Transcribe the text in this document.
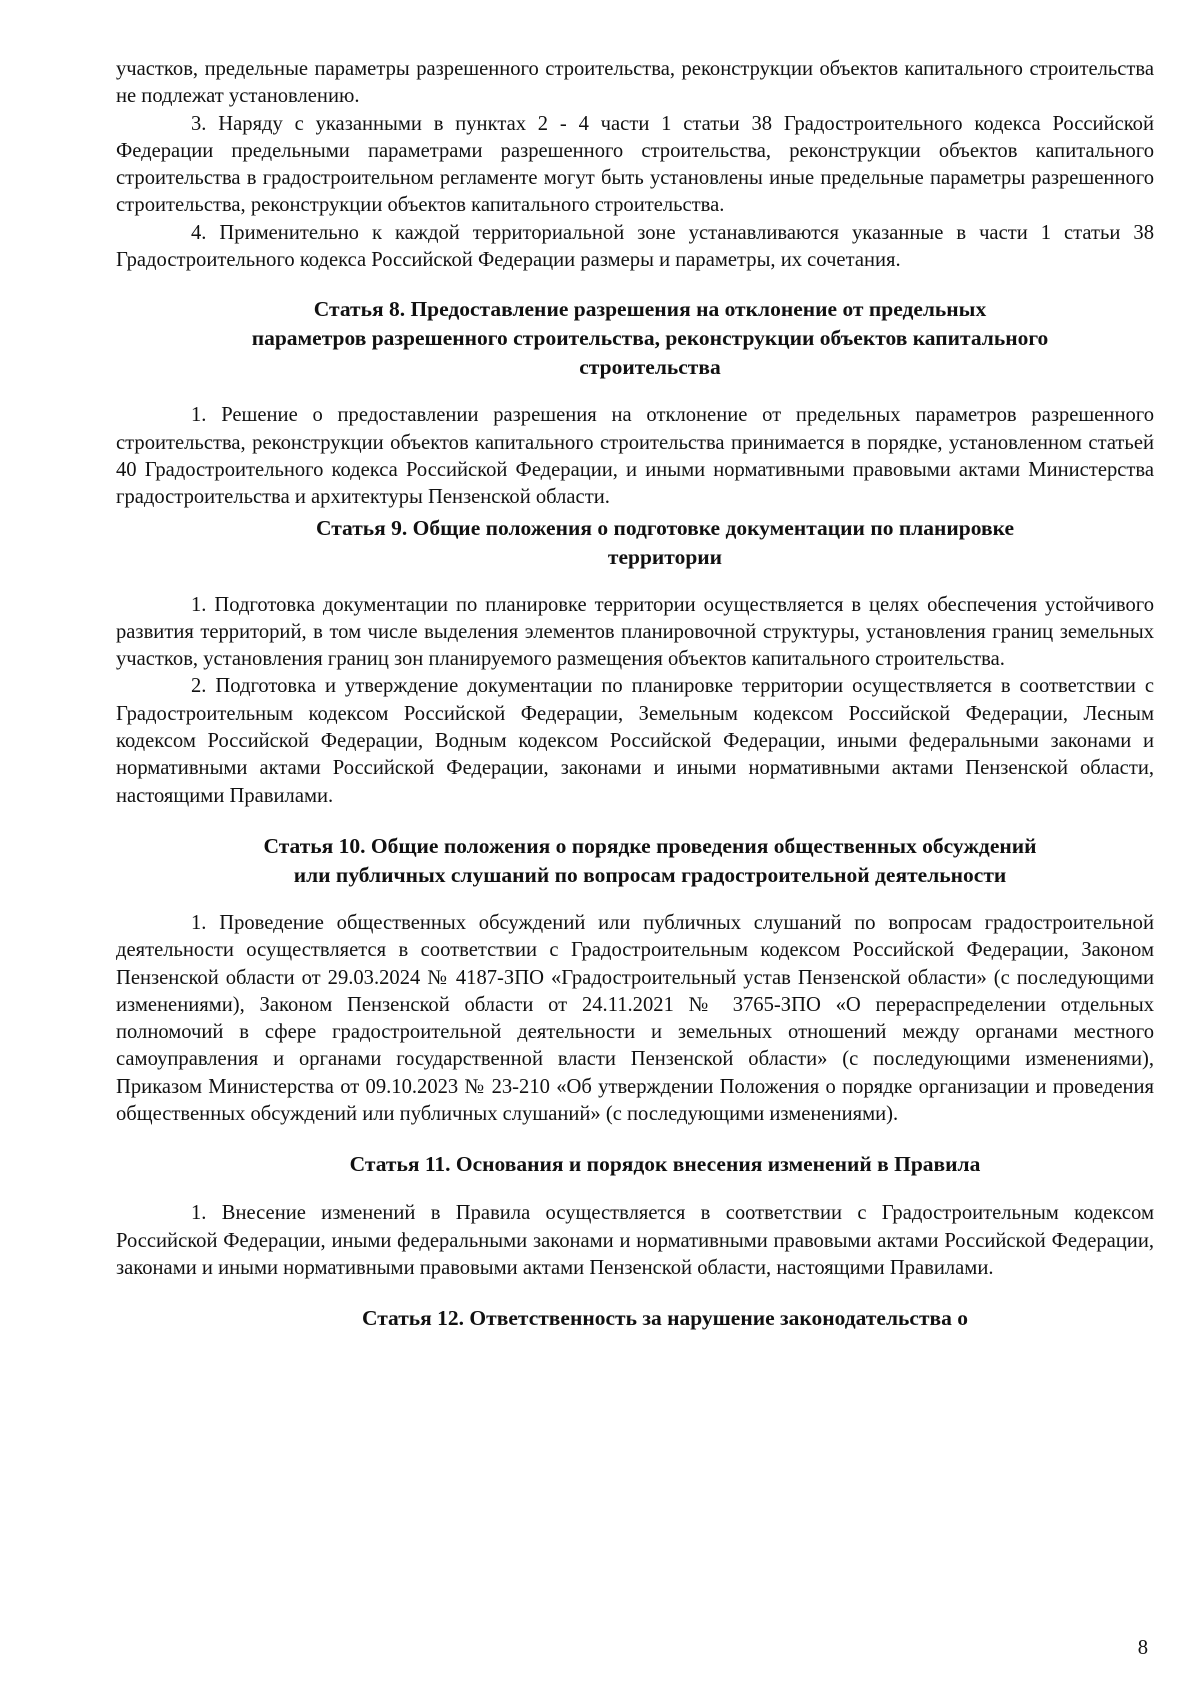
участков, предельные параметры разрешенного строительства, реконструкции объектов капитального строительства не подлежат установлению.

3. Наряду с указанными в пунктах 2 - 4 части 1 статьи 38 Градостроительного кодекса Российской Федерации предельными параметрами разрешенного строительства, реконструкции объектов капитального строительства в градостроительном регламенте могут быть установлены иные предельные параметры разрешенного строительства, реконструкции объектов капитального строительства.

4. Применительно к каждой территориальной зоне устанавливаются указанные в части 1 статьи 38 Градостроительного кодекса Российской Федерации размеры и параметры, их сочетания.

Статья 8. Предоставление разрешения на отклонение от предельных
параметров разрешенного строительства, реконструкции объектов капитального
строительства

1. Решение о предоставлении разрешения на отклонение от предельных параметров разрешенного строительства, реконструкции объектов капитального строительства принимается в порядке, установленном статьей 40 Градостроительного кодекса Российской Федерации, и иными нормативными правовыми актами Министерства градостроительства и архитектуры Пензенской области.

Статья 9. Общие положения о подготовке документации по планировке
территории

1. Подготовка документации по планировке территории осуществляется в целях обеспечения устойчивого развития территорий, в том числе выделения элементов планировочной структуры, установления границ земельных участков, установления границ зон планируемого размещения объектов капитального строительства.

2. Подготовка и утверждение документации по планировке территории осуществляется в соответствии с Градостроительным кодексом Российской Федерации, Земельным кодексом Российской Федерации, Лесным кодексом Российской Федерации, Водным кодексом Российской Федерации, иными федеральными законами и нормативными актами Российской Федерации, законами и иными нормативными актами Пензенской области, настоящими Правилами.

Статья 10. Общие положения о порядке проведения общественных обсуждений
или публичных слушаний по вопросам градостроительной деятельности

1. Проведение общественных обсуждений или публичных слушаний по вопросам градостроительной деятельности осуществляется в соответствии с Градостроительным кодексом Российской Федерации, Законом Пензенской области от 29.03.2024 № 4187-ЗПО «Градостроительный устав Пензенской области» (с последующими изменениями), Законом Пензенской области от 24.11.2021 № 3765-ЗПО «О перераспределении отдельных полномочий в сфере градостроительной деятельности и земельных отношений между органами местного самоуправления и органами государственной власти Пензенской области» (с последующими изменениями), Приказом Министерства от 09.10.2023 № 23-210 «Об утверждении Положения о порядке организации и проведения общественных обсуждений или публичных слушаний» (с последующими изменениями).

Статья 11. Основания и порядок внесения изменений в Правила

1. Внесение изменений в Правила осуществляется в соответствии с Градостроительным кодексом Российской Федерации, иными федеральными законами и нормативными правовыми актами Российской Федерации, законами и иными нормативными правовыми актами Пензенской области, настоящими Правилами.

Статья 12. Ответственность за нарушение законодательства о
8
